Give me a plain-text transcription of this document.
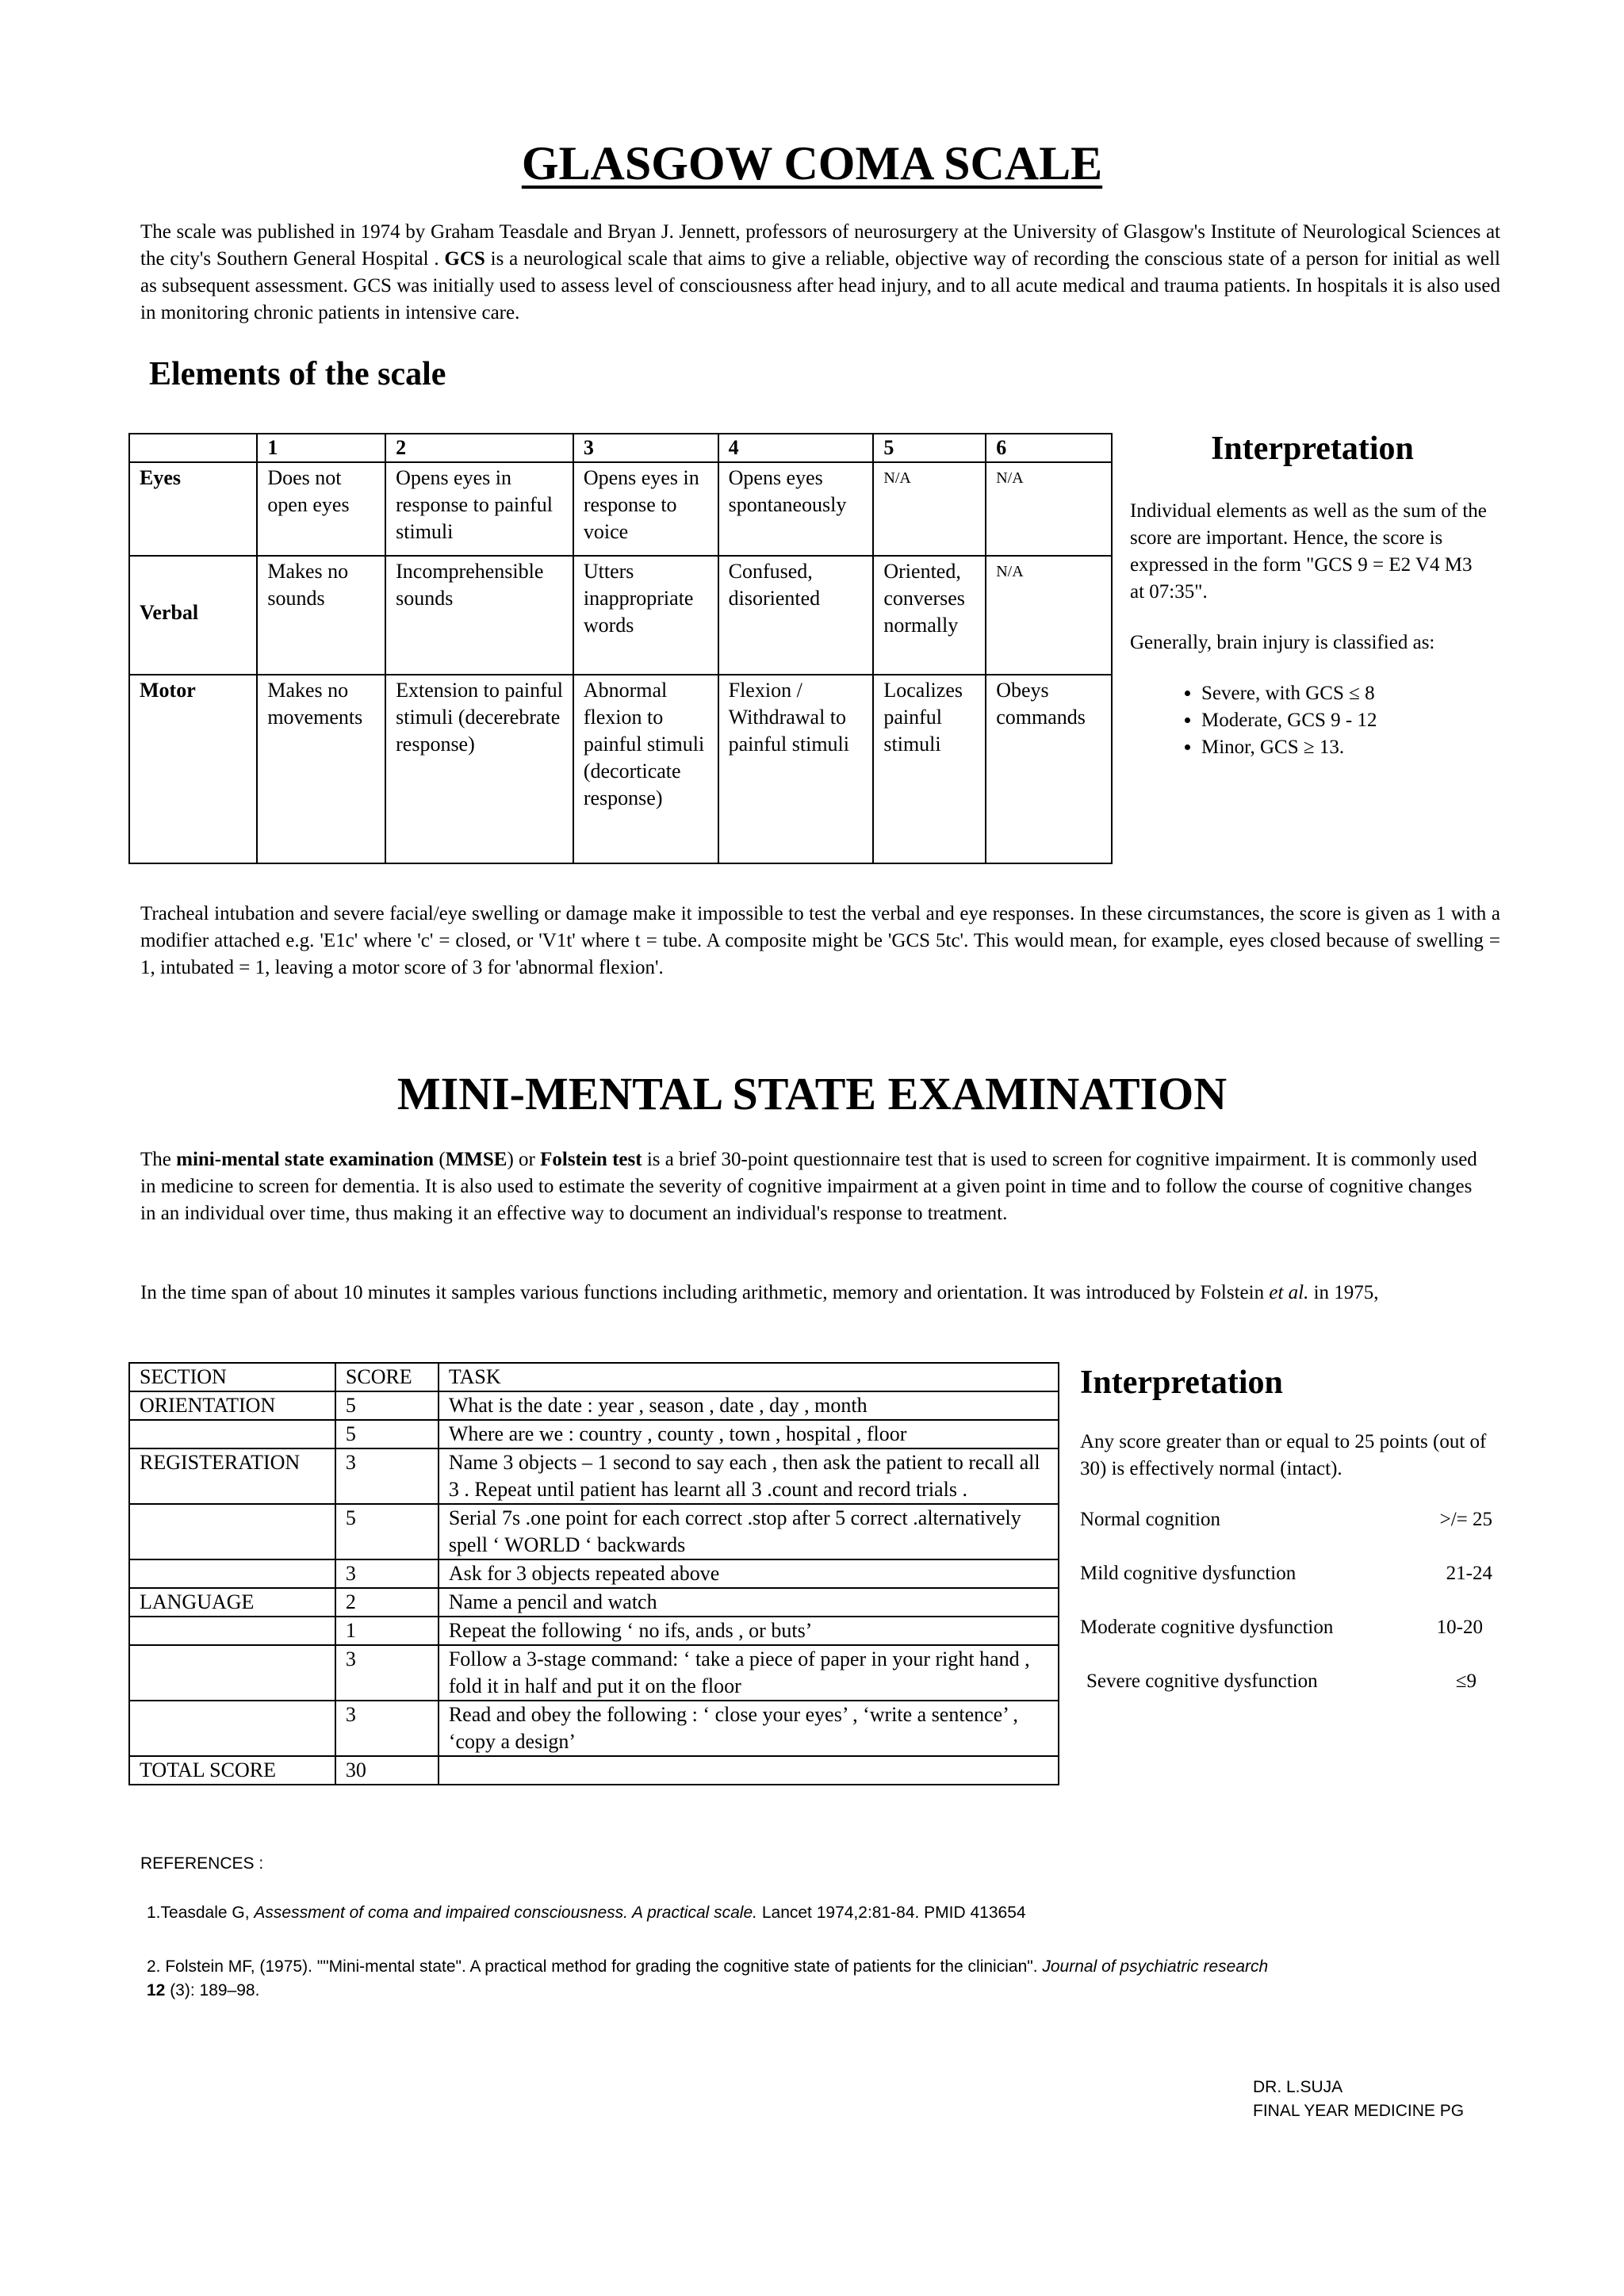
GLASGOW COMA SCALE
The scale was published in 1974 by Graham Teasdale and Bryan J. Jennett, professors of neurosurgery at the University of Glasgow's Institute of Neurological Sciences at the city's Southern General Hospital . GCS is a neurological scale that aims to give a reliable, objective way of recording the conscious state of a person for initial as well as subsequent assessment. GCS was initially used to assess level of consciousness after head injury, and to all acute medical and trauma patients. In hospitals it is also used in monitoring chronic patients in intensive care.
Elements of the scale
	1	2	3	4	5	6
Eyes	Does not open eyes	Opens eyes in response to painful stimuli	Opens eyes in response to voice	Opens eyes spontaneously	N/A	N/A
Verbal	Makes no sounds	Incomprehensible sounds	Utters inappropriate words	Confused, disoriented	Oriented, converses normally	N/A
Motor	Makes no movements	Extension to painful stimuli (decerebrate response)	Abnormal flexion to painful stimuli (decorticate response)	Flexion / Withdrawal to painful stimuli	Localizes painful stimuli	Obeys commands
Interpretation

Individual elements as well as the sum of the score are important. Hence, the score is expressed in the form "GCS 9 = E2 V4 M3 at 07:35".

Generally, brain injury is classified as:

• Severe, with GCS ≤ 8
• Moderate, GCS 9 - 12
• Minor, GCS ≥ 13.
Tracheal intubation and severe facial/eye swelling or damage make it impossible to test the verbal and eye responses. In these circumstances, the score is given as 1 with a modifier attached e.g. 'E1c' where 'c' = closed, or 'V1t' where t = tube. A composite might be 'GCS 5tc'. This would mean, for example, eyes closed because of swelling = 1, intubated = 1, leaving a motor score of 3 for 'abnormal flexion'.
MINI-MENTAL STATE EXAMINATION
The mini-mental state examination (MMSE) or Folstein test is a brief 30-point questionnaire test that is used to screen for cognitive impairment. It is commonly used in medicine to screen for dementia. It is also used to estimate the severity of cognitive impairment at a given point in time and to follow the course of cognitive changes in an individual over time, thus making it an effective way to document an individual's response to treatment.
In the time span of about 10 minutes it samples various functions including arithmetic, memory and orientation. It was introduced by Folstein et al. in 1975,
SECTION	SCORE	TASK
ORIENTATION	5	What is the date : year , season , date , day , month
	5	Where are we : country , county , town , hospital , floor
REGISTERATION	3	Name 3 objects – 1 second to say each , then ask the patient to recall all 3 . Repeat until patient has learnt all 3 .count and record trials .
	5	Serial 7s .one point for each correct .stop after 5 correct .alternatively spell ‘ WORLD ‘ backwards
	3	Ask for 3 objects repeated above
LANGUAGE	2	Name a pencil and watch
	1	Repeat the following ‘ no ifs, ands , or buts’
	3	Follow a 3-stage command: ‘ take a piece of paper in your right hand , fold it in half and put it on the floor
	3	Read and obey the following : ‘ close your eyes’ , ‘write a sentence’ , ‘copy a design’
TOTAL SCORE	30	
Interpretation
Any score greater than or equal to 25 points (out of 30) is effectively normal (intact).
Normal cognition	>/= 25
Mild cognitive dysfunction	21-24
Moderate cognitive dysfunction	10-20
Severe cognitive dysfunction	≤9
REFERENCES :
1.Teasdale G, Assessment of coma and impaired consciousness. A practical scale. Lancet 1974,2:81-84. PMID 413654
2. Folstein MF, (1975). ""Mini-mental state". A practical method for grading the cognitive state of patients for the clinician". Journal of psychiatric research
12 (3): 189–98.
DR. L.SUJA
FINAL YEAR MEDICINE PG
